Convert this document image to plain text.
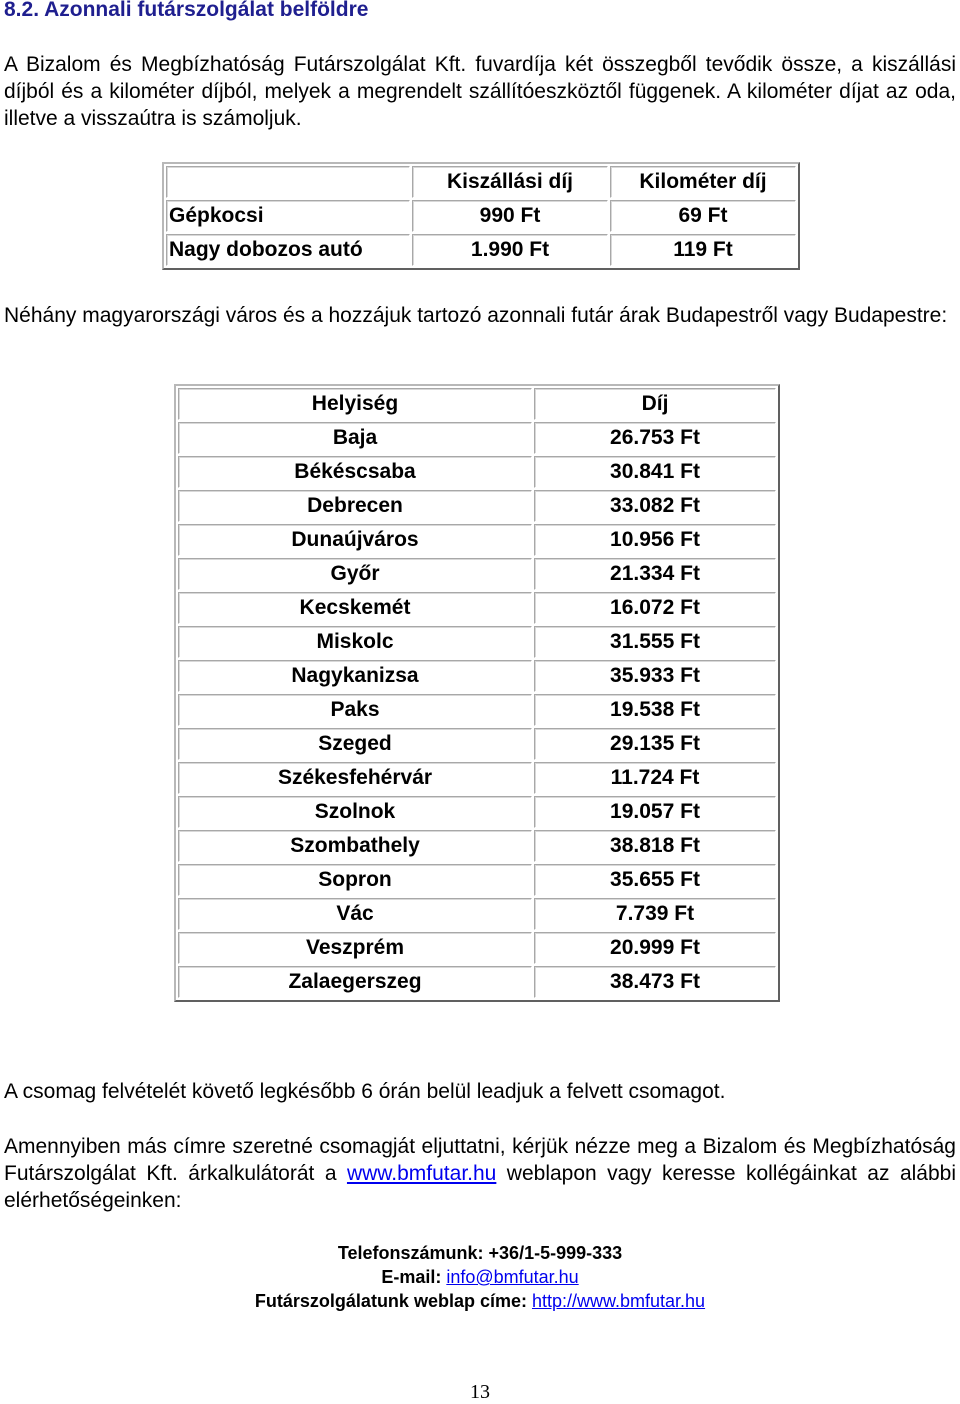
8.2. Azonnali futárszolgálat belföldre

A Bizalom és Megbízhatóság Futárszolgálat Kft. fuvardíja két összegből tevődik össze, a kiszállási díjból és a kilométer díjból, melyek a megrendelt szállítóeszköztől függenek. A kilométer díjat az oda, illetve a visszaútra is számoljuk.

	Kiszállási díj	Kilométer díj
Gépkocsi	990 Ft	69 Ft
Nagy dobozos autó	1.990 Ft	119 Ft

Néhány magyarországi város és a hozzájuk tartozó azonnali futár árak Budapestről vagy Budapestre:

Helyiség	Díj
Baja	26.753 Ft
Békéscsaba	30.841 Ft
Debrecen	33.082 Ft
Dunaújváros	10.956 Ft
Győr	21.334 Ft
Kecskemét	16.072 Ft
Miskolc	31.555 Ft
Nagykanizsa	35.933 Ft
Paks	19.538 Ft
Szeged	29.135 Ft
Székesfehérvár	11.724 Ft
Szolnok	19.057 Ft
Szombathely	38.818 Ft
Sopron	35.655 Ft
Vác	7.739 Ft
Veszprém	20.999 Ft
Zalaegerszeg	38.473 Ft

A csomag felvételét követő legkésőbb 6 órán belül leadjuk a felvett csomagot.

Amennyiben más címre szeretné csomagját eljuttatni, kérjük nézze meg a Bizalom és Megbízhatóság Futárszolgálat Kft. árkalkulátorát a www.bmfutar.hu weblapon vagy keresse kollégáinkat az alábbi elérhetőségeinken:

Telefonszámunk: +36/1-5-999-333

E-mail: info@bmfutar.hu

Futárszolgálatunk weblap címe: http://www.bmfutar.hu

13
